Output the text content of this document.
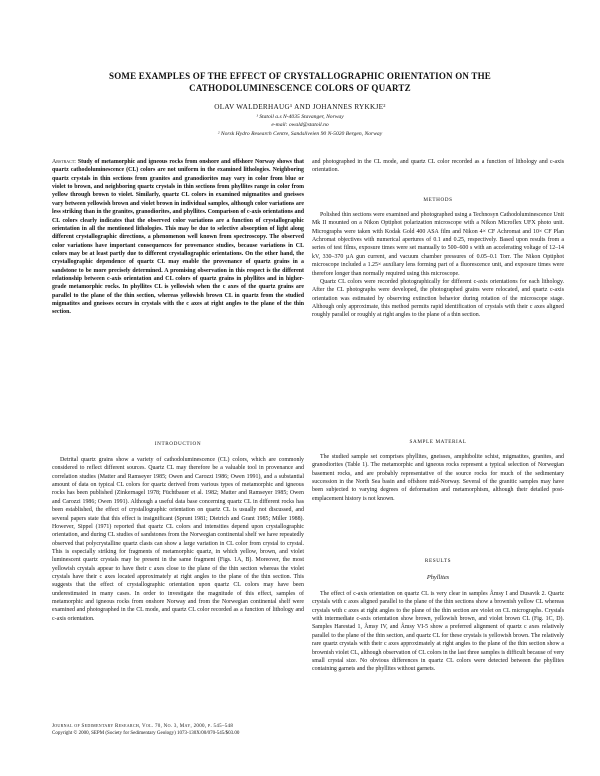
SOME EXAMPLES OF THE EFFECT OF CRYSTALLOGRAPHIC ORIENTATION ON THE
CATHODOLUMINESCENCE COLORS OF QUARTZ
OLAV WALDERHAUG¹ AND JOHANNES RYKKJE²
¹ Statoil a.s N-4035 Stavanger, Norway
e-mail: owald@statoil.no
² Norsk Hydro Research Centre, Sandsliveien 90 N-5020 Bergen, Norway
Abstract: Study of metamorphic and igneous rocks from onshore and offshore Norway shows that quartz cathodoluminescence (CL) colors are not uniform in the examined lithologies. Neighboring quartz crystals in thin sections from granites and granodiorites may vary in color from blue or violet to brown, and neighboring quartz crystals in thin sections from phyllites range in color from yellow through brown to violet. Similarly, quartz CL colors in examined migmatites and gneisses vary between yellowish brown and violet brown in individual samples, although color variations are less striking than in the granites, granodiorites, and phyllites. Comparison of c-axis orientations and CL colors clearly indicates that the observed color variations are a function of crystallographic orientation in all the mentioned lithologies. This may be due to selective absorption of light along different crystallographic directions, a phenomenon well known from spectroscopy. The observed color variations have important consequences for provenance studies, because variations in CL colors may be at least partly due to different crystallographic orientations. On the other hand, the crystallographic dependence of quartz CL may enable the provenance of quartz grains in a sandstone to be more precisely determined. A promising observation in this respect is the different relationship between c-axis orientation and CL colors of quartz grains in phyllites and in higher-grade metamorphic rocks. In phyllites CL is yellowish when the c axes of the quartz grains are parallel to the plane of the thin section, whereas yellowish brown CL in quartz from the studied migmatites and gneisses occurs in crystals with the c axes at right angles to the plane of the thin section.
INTRODUCTION

Detrital quartz grains show a variety of cathodoluminescence (CL) colors, which are commonly considered to reflect different sources. Quartz CL may therefore be a valuable tool in provenance and correlation studies (Matter and Ramseyer 1985; Owen and Carozzi 1986; Owen 1991), and a substantial amount of data on typical CL colors for quartz derived from various types of metamorphic and igneous rocks has been published (Zinkernagel 1978; Füchtbauer et al. 1982; Matter and Ramseyer 1985; Owen and Carozzi 1986; Owen 1991). Although a useful data base concerning quartz CL in different rocks has been established, the effect of crystallographic orientation on quartz CL is usually not discussed, and several papers state that this effect is insignificant (Sprunt 1981; Dietrich and Grant 1985; Miller 1988). However, Sippel (1971) reported that quartz CL colors and intensities depend upon crystallographic orientation, and during CL studies of sandstones from the Norwegian continental shelf we have repeatedly observed that polycrystalline quartz clasts can show a large variation in CL color from crystal to crystal. This is especially striking for fragments of metamorphic quartz, in which yellow, brown, and violet luminescent quartz crystals may be present in the same fragment (Figs. 1A, B). Moreover, the most yellowish crystals appear to have their c axes close to the plane of the thin section whereas the violet crystals have their c axes located approximately at right angles to the plane of the thin section. This suggests that the effect of crystallographic orientation upon quartz CL colors may have been underestimated in many cases. In order to investigate the magnitude of this effect, samples of metamorphic and igneous rocks from onshore Norway and from the Norwegian continental shelf were examined and photographed in the CL mode, and quartz CL color recorded as a function of lithology and c-axis orientation.

and photographed in the CL mode, and quartz CL color recorded as a function of lithology and c-axis orientation.
METHODS

Polished thin sections were examined and photographed using a Technosyn Cathodoluminescence Unit Mk II mounted on a Nikon Optiphot polarization microscope with a Nikon Microflex UFX photo unit. Micrographs were taken with Kodak Gold 400 ASA film and Nikon 4× CF Achromat and 10× CF Plan Achromat objectives with numerical apertures of 0.1 and 0.25, respectively. Based upon results from a series of test films, exposure times were set manually to 500–600 s with an accelerating voltage of 12–14 kV, 330–370 µA gun current, and vacuum chamber pressures of 0.05–0.1 Torr. The Nikon Optiphot microscope included a 1.25× auxiliary lens forming part of a fluorescence unit, and exposure times were therefore longer than normally required using this microscope.

Quartz CL colors were recorded photographically for different c-axis orientations for each lithology. After the CL photographs were developed, the photographed grains were relocated, and quartz c-axis orientation was estimated by observing extinction behavior during rotation of the microscope stage. Although only approximate, this method permits rapid identification of crystals with their c axes aligned roughly parallel or roughly at right angles to the plane of a thin section.

SAMPLE MATERIAL

The studied sample set comprises phyllites, gneisses, amphibolite schist, migmatites, granites, and granodiorites (Table 1). The metamorphic and igneous rocks represent a typical selection of Norwegian basement rocks, and are probably representative of the source rocks for much of the sedimentary succession in the North Sea basin and offshore mid-Norway. Several of the granitic samples may have been subjected to varying degrees of deformation and metamorphism, although their detailed post-emplacement history is not known.

RESULTS
Phyllites

The effect of c-axis orientation on quartz CL is very clear in samples Åmsy I and Dusavik 2. Quartz crystals with c axes aligned parallel to the plane of the thin sections show a brownish yellow CL whereas crystals with c axes at right angles to the plane of the thin section are violet on CL micrographs. Crystals with intermediate c-axis orientation show brown, yellowish brown, and violet brown CL (Fig. 1C, D). Samples Harestad 1, Åmsy IV, and Åmsy VI-5 show a preferred alignment of quartz c axes relatively parallel to the plane of the thin section, and quartz CL for these crystals is yellowish brown. The relatively rare quartz crystals with their c axes approximately at right angles to the plane of the thin section show a brownish violet CL, although observation of CL colors in the last three samples is difficult because of very small crystal size. No obvious differences in quartz CL colors were detected between the phyllites containing garnets and the phyllites without garnets.

Journal of Sedimentary Research, Vol. 70, No. 3, May, 2000, p. 545–548
Copyright © 2000, SEPM (Society for Sedimentary Geology) 1073-130X/00/070-545/$03.00
